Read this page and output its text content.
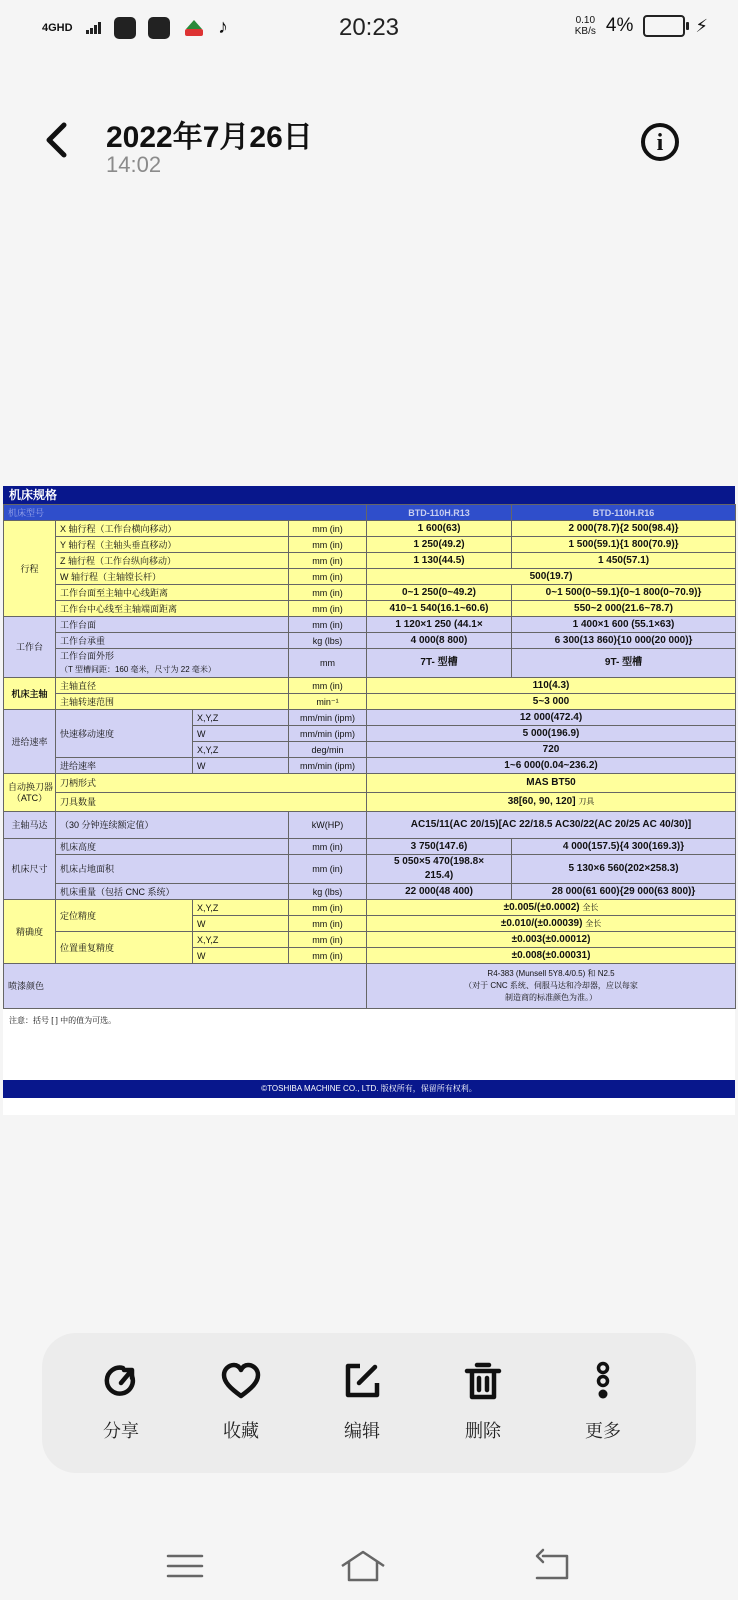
4GHD	♪	20:23	0.10
KB/s 4%	⚡
2022年7月26日
14:02
i
机床规格
机床型号				BTD-110H.R13	BTD-110H.R16
行程	X 轴行程（工作台横向移动）		mm (in)	1 600(63)	2 000(78.7){2 500(98.4)}
	Y 轴行程（主轴头垂直移动）		mm (in)	1 250(49.2)	1 500(59.1){1 800(70.9)}
	Z 轴行程（工作台纵向移动）		mm (in)	1 130(44.5)	1 450(57.1)
	W 轴行程（主轴镗长杆）		mm (in)	500(19.7)	
	工作台面至主轴中心线距离		mm (in)	0~1 250(0~49.2)	0~1 500(0~59.1){0~1 800(0~70.9)}
	工作台中心线至主轴端面距离		mm (in)	410~1 540(16.1~60.6)	550~2 000(21.6~78.7)
工作台	工作台面		mm (in)	1 120×1 250 (44.1×	1 400×1 600 (55.1×63)
	工作台承重		kg (lbs)	4 000(8 800)	6 300(13 860){10 000(20 000)}

	工作台面外形
（T 型槽间距：160 毫米，尺寸为 22 毫米）		mm	7T- 型槽	9T- 型槽
机床主轴	主轴直径		mm (in)	110(4.3)	
	主轴转速范围		min⁻¹	5~3 000	
进给速率	快速移动速度	X,Y,Z	mm/min (ipm)	12 000(472.4)	
		W	mm/min (ipm)	5 000(196.9)	
		X,Y,Z	deg/min	720	
	进给速率	W	mm/min (ipm)	1~6 000(0.04~236.2)	

自动换刀器
（ATC）	刀柄形式			MAS BT50	
	刀具数量			38[60, 90, 120] 刀具	
主轴马达	（30 分钟连续额定值）		kW(HP)	AC15/11(AC 20/15)[AC 22/18.5 AC30/22(AC 20/25 AC 40/30)]	
机床尺寸	机床高度		mm (in)	3 750(147.6)	4 000(157.5){4 300(169.3)}
	机床占地面积		mm (in)	5 050×5 470(198.8×
215.4)	5 130×6 560(202×258.3)
	机床重量（包括 CNC 系统）		kg (lbs)	22 000(48 400)	28 000(61 600){29 000(63 800)}
精确度	定位精度	X,Y,Z	mm (in)	±0.005/(±0.0002) 全长	
		W	mm (in)	±0.010/(±0.00039) 全长	
	位置重复精度	X,Y,Z	mm (in)	±0.003(±0.00012)	
		W	mm (in)	±0.008(±0.00031)	
喷漆颜色				R4-383 (Munsell 5Y8.4/0.5) 和 N2.5
（对于 CNC 系统、伺服马达和冷却器，应以每家
制造商的标准颜色为准。）	
注意：括号 [ ] 中的值为可选。
©TOSHIBA MACHINE CO., LTD. 版权所有，保留所有权利。
分享	收藏	编辑	删除	更多
